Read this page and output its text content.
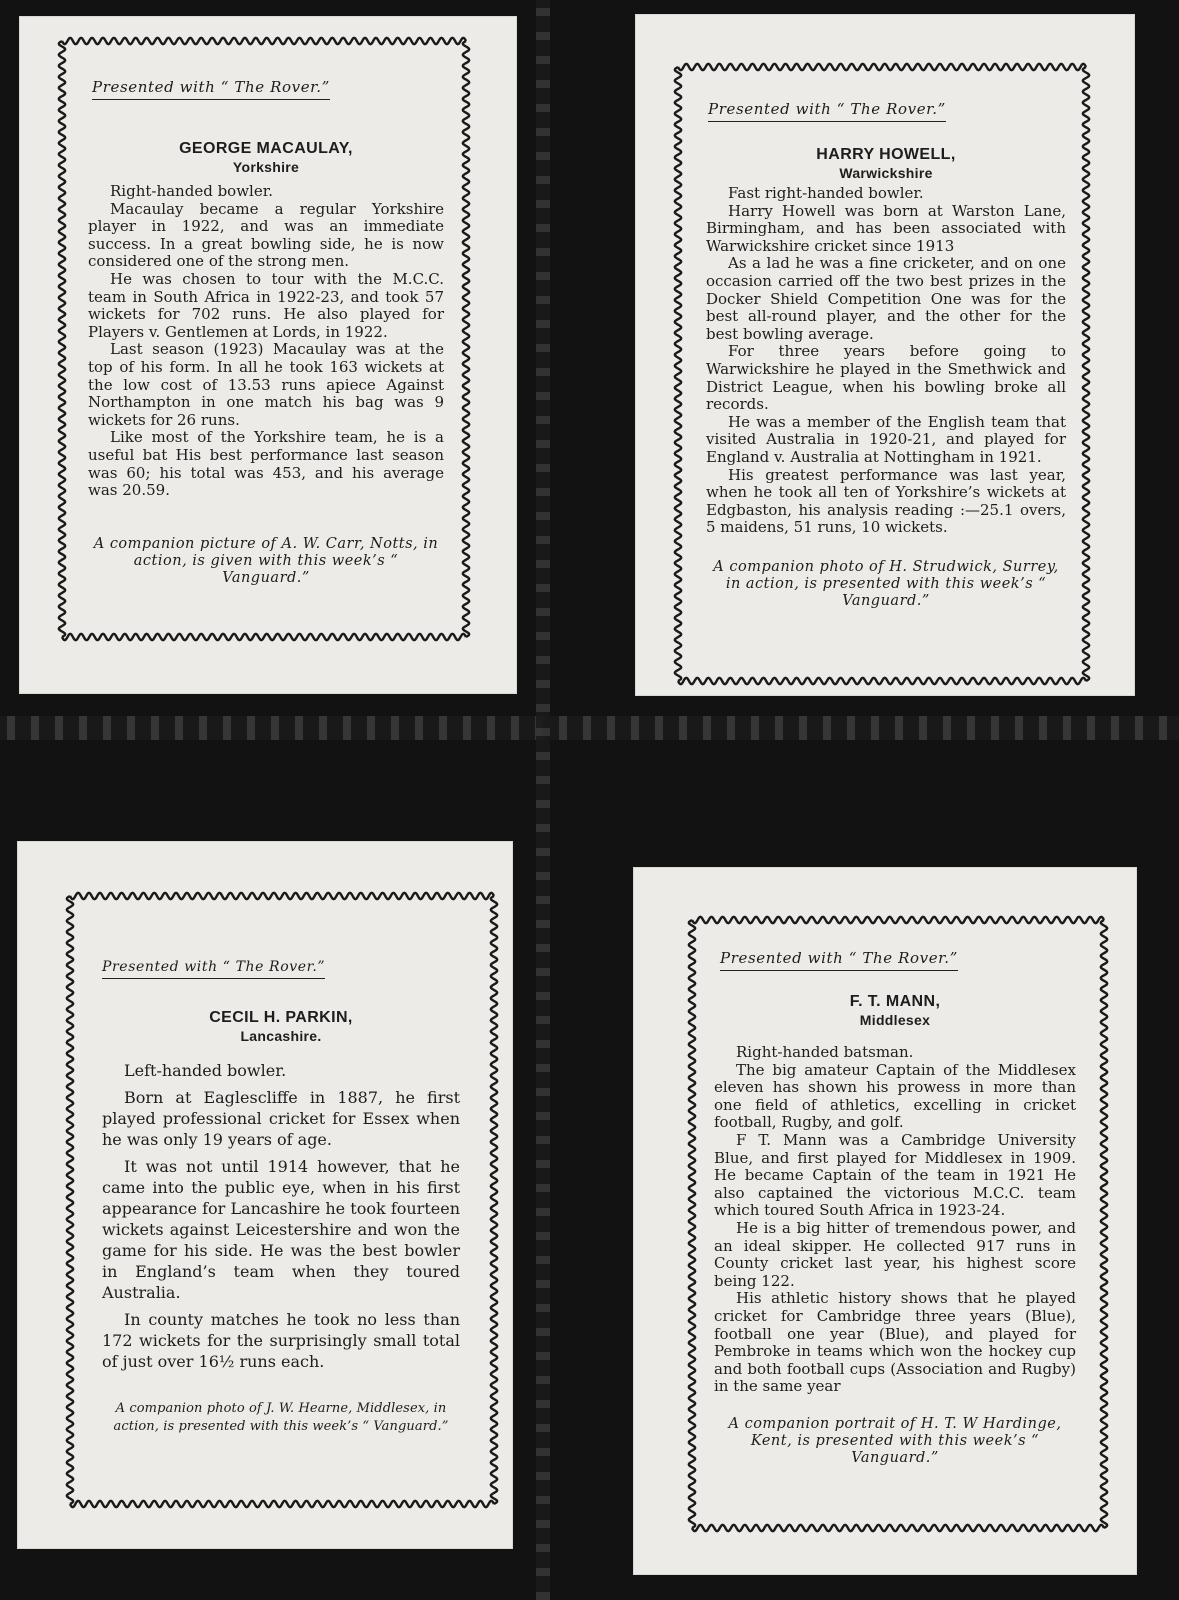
Presented with “ The Rover.”

GEORGE MACAULAY,

Yorkshire

Right-handed bowler.

Macaulay became a regular Yorkshire player in 1922, and was an immediate success. In a great bowling side, he is now considered one of the strong men.

He was chosen to tour with the M.C.C. team in South Africa in 1922-23, and took 57 wickets for 702 runs. He also played for Players v. Gentlemen at Lords, in 1922.

Last season (1923) Macaulay was at the top of his form. In all he took 163 wickets at the low cost of 13.53 runs apiece Against Northampton in one match his bag was 9 wickets for 26 runs.

Like most of the Yorkshire team, he is a useful bat His best performance last season was 60; his total was 453, and his average was 20.59.

A companion picture of A. W. Carr, Notts, in action, is given with this week’s “ Vanguard.”

Presented with “ The Rover.”

HARRY HOWELL,

Warwickshire

Fast right-handed bowler.

Harry Howell was born at Warston Lane, Birmingham, and has been associated with Warwickshire cricket since 1913

As a lad he was a fine cricketer, and on one occasion carried off the two best prizes in the Docker Shield Competition One was for the best all-round player, and the other for the best bowling average.

For three years before going to Warwickshire he played in the Smethwick and District League, when his bowling broke all records.

He was a member of the English team that visited Australia in 1920-21, and played for England v. Australia at Nottingham in 1921.

His greatest performance was last year, when he took all ten of Yorkshire’s wickets at Edgbaston, his analysis reading :—25.1 overs, 5 maidens, 51 runs, 10 wickets.

A companion photo of H. Strudwick, Surrey, in action, is presented with this week’s “ Vanguard.”

Presented with “ The Rover.”

CECIL H. PARKIN,

Lancashire.

Left-handed bowler.

Born at Eaglescliffe in 1887, he first played professional cricket for Essex when he was only 19 years of age.

It was not until 1914 however, that he came into the public eye, when in his first appearance for Lancashire he took fourteen wickets against Leicestershire and won the game for his side. He was the best bowler in England’s team when they toured Australia.

In county matches he took no less than 172 wickets for the surprisingly small total of just over 16½ runs each.

A companion photo of J. W. Hearne, Middlesex, in action, is presented with this week’s “ Vanguard.”

Presented with “ The Rover.”

F. T. MANN,

Middlesex

Right-handed batsman.

The big amateur Captain of the Middlesex eleven has shown his prowess in more than one field of athletics, excelling in cricket football, Rugby, and golf.

F T. Mann was a Cambridge University Blue, and first played for Middlesex in 1909. He became Captain of the team in 1921 He also captained the victorious M.C.C. team which toured South Africa in 1923-24.

He is a big hitter of tremendous power, and an ideal skipper. He collected 917 runs in County cricket last year, his highest score being 122.

His athletic history shows that he played cricket for Cambridge three years (Blue), football one year (Blue), and played for Pembroke in teams which won the hockey cup and both football cups (Association and Rugby) in the same year

A companion portrait of H. T. W Hardinge, Kent, is presented with this week’s “ Vanguard.”
